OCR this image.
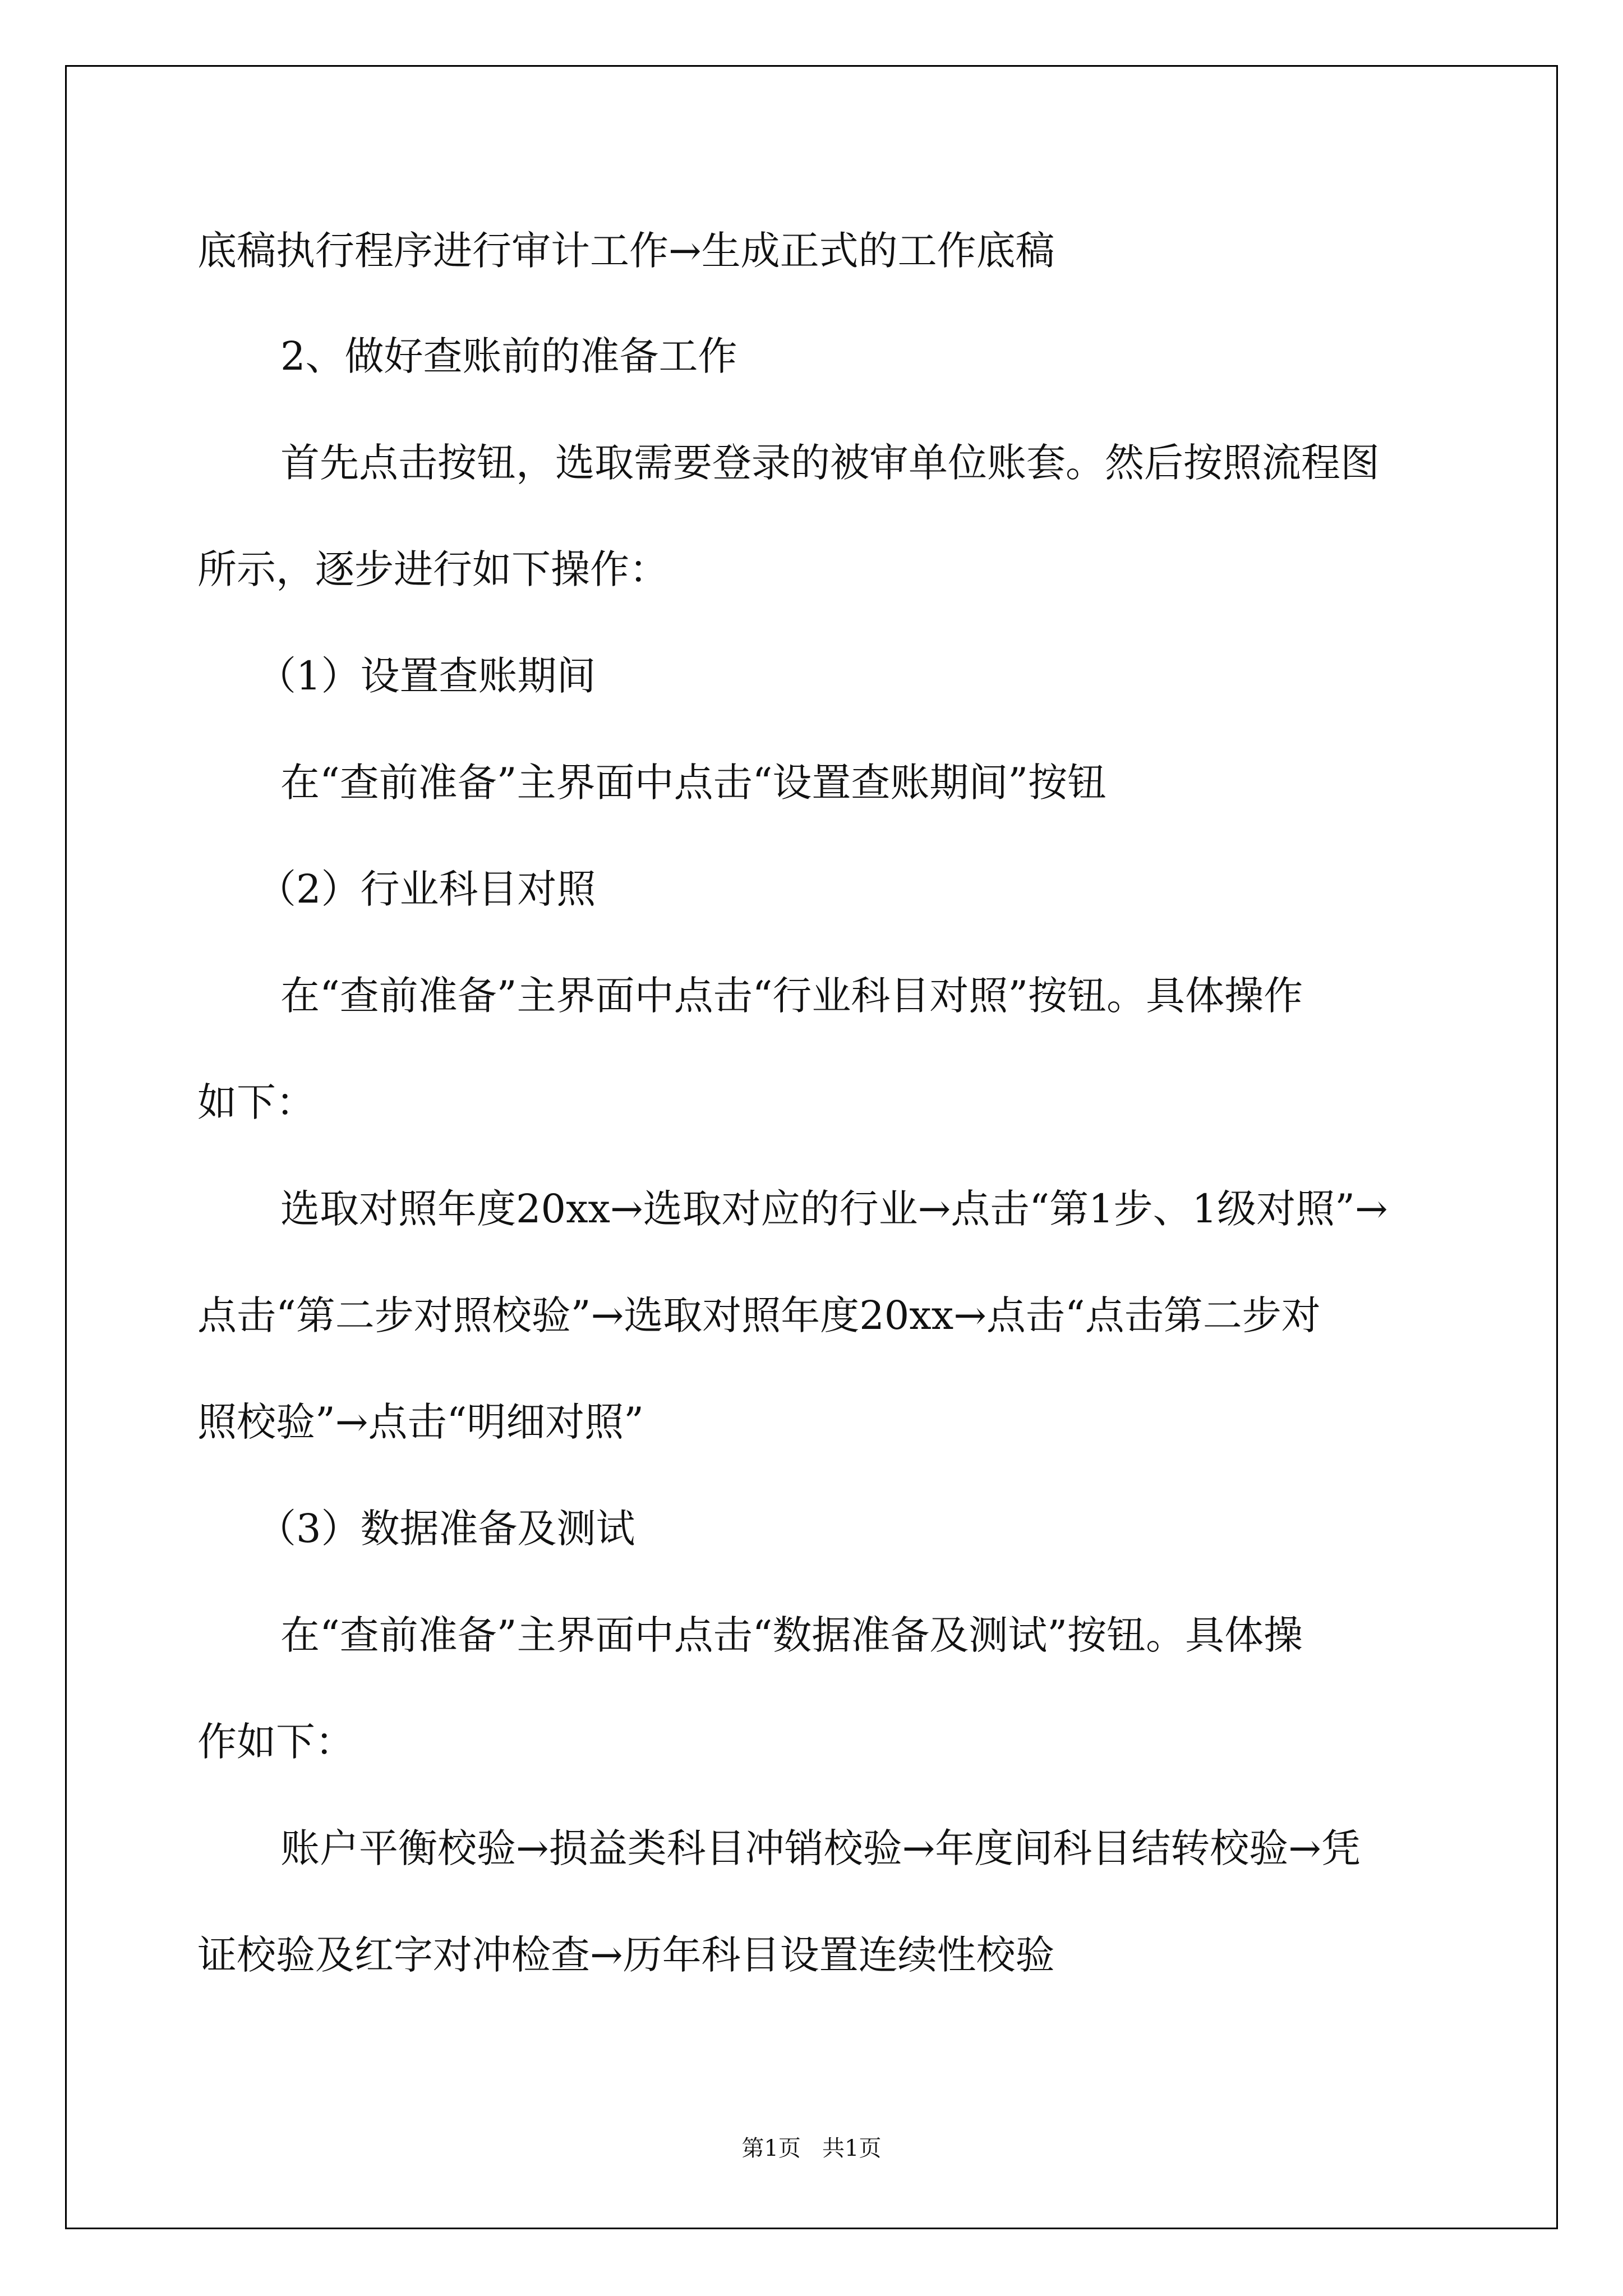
底稿执行程序进行审计工作→生成正式的工作底稿
2、做好查账前的准备工作
首先点击按钮，选取需要登录的被审单位账套。然后按照流程图
所示，逐步进行如下操作：
（1）设置查账期间
在“查前准备”主界面中点击“设置查账期间”按钮
（2）行业科目对照
在“查前准备”主界面中点击“行业科目对照”按钮。具体操作
如下：
选取对照年度20xx→选取对应的行业→点击“第1步、1级对照”→
点击“第二步对照校验”→选取对照年度20xx→点击“点击第二步对
照校验”→点击“明细对照”
（3）数据准备及测试
在“查前准备”主界面中点击“数据准备及测试”按钮。具体操
作如下：
账户平衡校验→损益类科目冲销校验→年度间科目结转校验→凭
证校验及红字对冲检查→历年科目设置连续性校验
第1页   共1页
